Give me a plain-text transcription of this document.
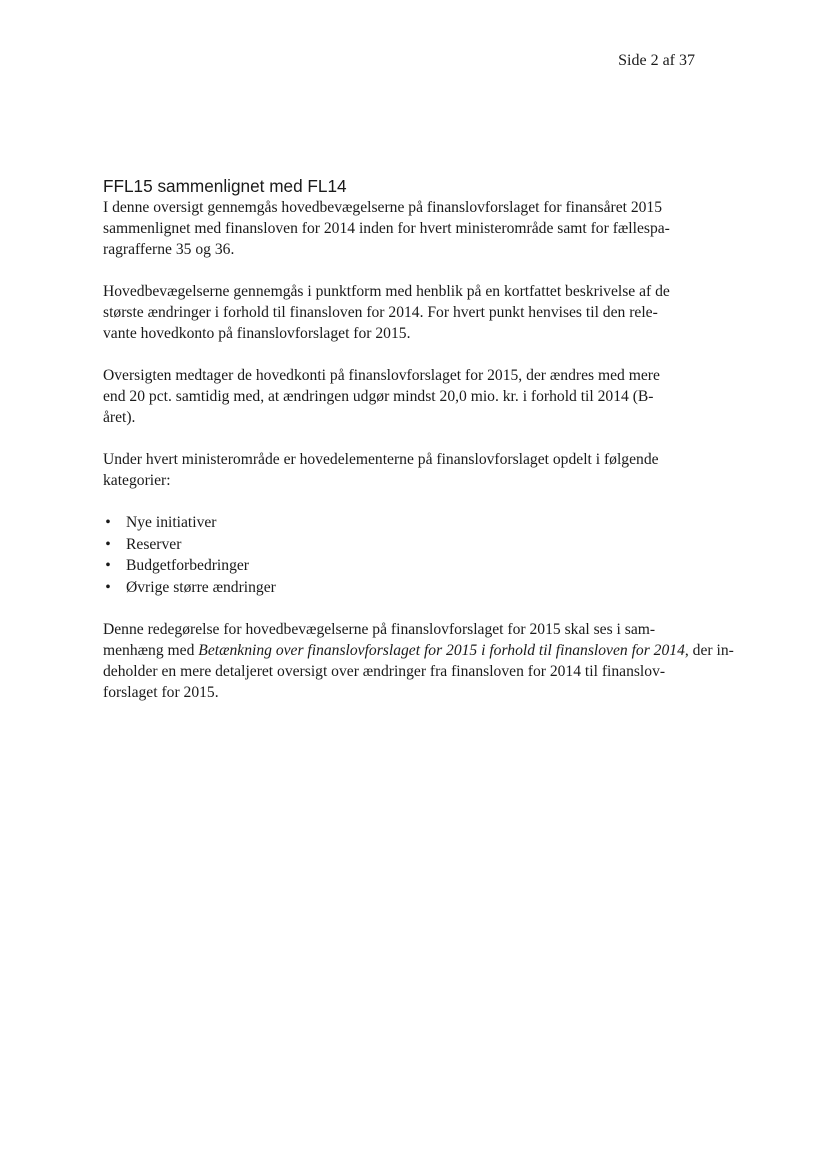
Side 2 af 37
FFL15 sammenlignet med FL14

I denne oversigt gennemgås hovedbevægelserne på finanslovforslaget for finansåret 2015
sammenlignet med finansloven for 2014 inden for hvert ministerområde samt for fællespa-
ragrafferne 35 og 36.

Hovedbevægelserne gennemgås i punktform med henblik på en kortfattet beskrivelse af de
største ændringer i forhold til finansloven for 2014. For hvert punkt henvises til den rele-
vante hovedkonto på finanslovforslaget for 2015.

Oversigten medtager de hovedkonti på finanslovforslaget for 2015, der ændres med mere
end 20 pct. samtidig med, at ændringen udgør mindst 20,0 mio. kr. i forhold til 2014 (B-
året).

Under hvert ministerområde er hovedelementerne på finanslovforslaget opdelt i følgende
kategorier:

• Nye initiativer
• Reserver
• Budgetforbedringer
• Øvrige større ændringer

Denne redegørelse for hovedbevægelserne på finanslovforslaget for 2015 skal ses i sam-
menhæng med Betænkning over finanslovforslaget for 2015 i forhold til finansloven for 2014, der in-
deholder en mere detaljeret oversigt over ændringer fra finansloven for 2014 til finanslov-
forslaget for 2015.
